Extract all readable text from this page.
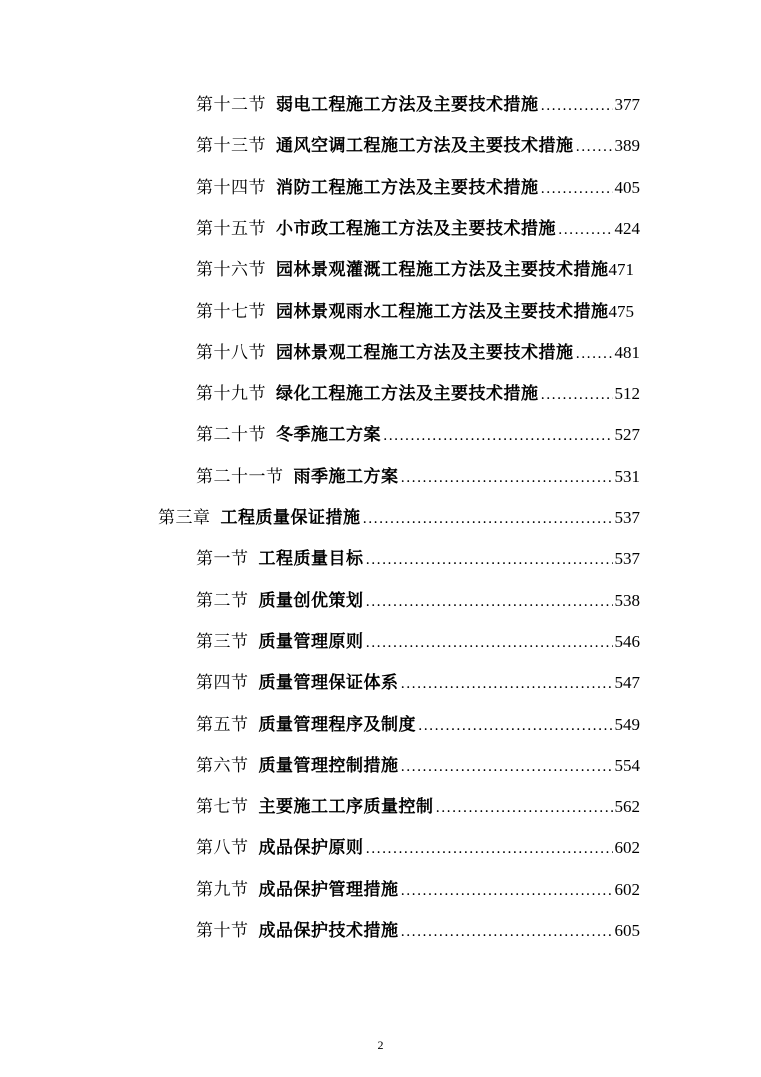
第十二节 弱电工程施工方法及主要技术措施 .....	377
第十三节 通风空调工程施工方法及主要技术措施 ..... 389
第十四节 消防工程施工方法及主要技术措施 .....	405
第十五节 小市政工程施工方法及主要技术措施 .....	424
第十六节 园林景观灌溉工程施工方法及主要技术措施 471
第十七节 园林景观雨水工程施工方法及主要技术措施 475
第十八节 园林景观工程施工方法及主要技术措施 ..... 481
第十九节 绿化工程施工方法及主要技术措施 .....	512
第二十节 冬季施工方案 .....	527
第二十一节 雨季施工方案 .....	531
第三章 工程质量保证措施 .....	537
第一节 工程质量目标 .....	537
第二节 质量创优策划 .....	538
第三节 质量管理原则 .....	546
第四节 质量管理保证体系 .....	547
第五节 质量管理程序及制度 .....	549
第六节 质量管理控制措施 .....	554
第七节 主要施工工序质量控制 .....	562
第八节 成品保护原则 .....	602
第九节 成品保护管理措施 .....	602
第十节 成品保护技术措施 .....	605
2
